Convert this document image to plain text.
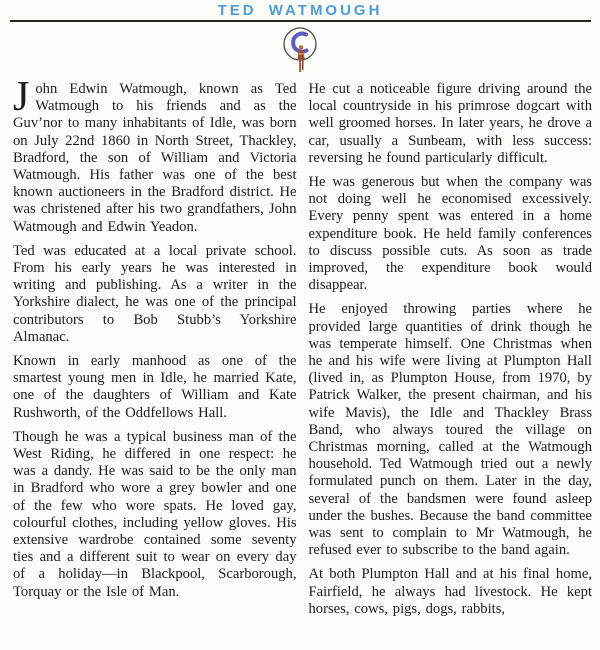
TED WATMOUGH

John Edwin Watmough, known as Ted Watmough to his friends and as the Guv’nor to many inhabitants of Idle, was born on July 22nd 1860 in North Street, Thackley, Bradford, the son of William and Victoria Watmough. His father was one of the best known auctioneers in the Bradford district. He was christened after his two grandfathers, John Watmough and Edwin Yeadon.

Ted was educated at a local private school. From his early years he was interested in writing and publishing. As a writer in the Yorkshire dialect, he was one of the principal contributors to Bob Stubb’s Yorkshire Almanac.

Known in early manhood as one of the smartest young men in Idle, he married Kate, one of the daughters of William and Kate Rushworth, of the Oddfellows Hall.

Though he was a typical business man of the West Riding, he differed in one respect: he was a dandy. He was said to be the only man in Bradford who wore a grey bowler and one of the few who wore spats. He loved gay, colourful clothes, including yellow gloves. His extensive wardrobe contained some seventy ties and a different suit to wear on every day of a holiday—in Blackpool, Scarborough, Torquay or the Isle of Man.

He cut a noticeable figure driving around the local countryside in his primrose dogcart with well groomed horses. In later years, he drove a car, usually a Sunbeam, with less success: reversing he found particularly difficult.

He was generous but when the company was not doing well he economised excessively. Every penny spent was entered in a home expenditure book. He held family conferences to discuss possible cuts. As soon as trade improved, the expenditure book would disappear.

He enjoyed throwing parties where he provided large quantities of drink though he was temperate himself. One Christmas when he and his wife were living at Plumpton Hall (lived in, as Plumpton House, from 1970, by Patrick Walker, the present chairman, and his wife Mavis), the Idle and Thackley Brass Band, who always toured the village on Christmas morning, called at the Watmough household. Ted Watmough tried out a newly formulated punch on them. Later in the day, several of the bandsmen were found asleep under the bushes. Because the band committee was sent to complain to Mr Watmough, he refused ever to subscribe to the band again.

At both Plumpton Hall and at his final home, Fairfield, he always had livestock. He kept horses, cows, pigs, dogs, rabbits,
